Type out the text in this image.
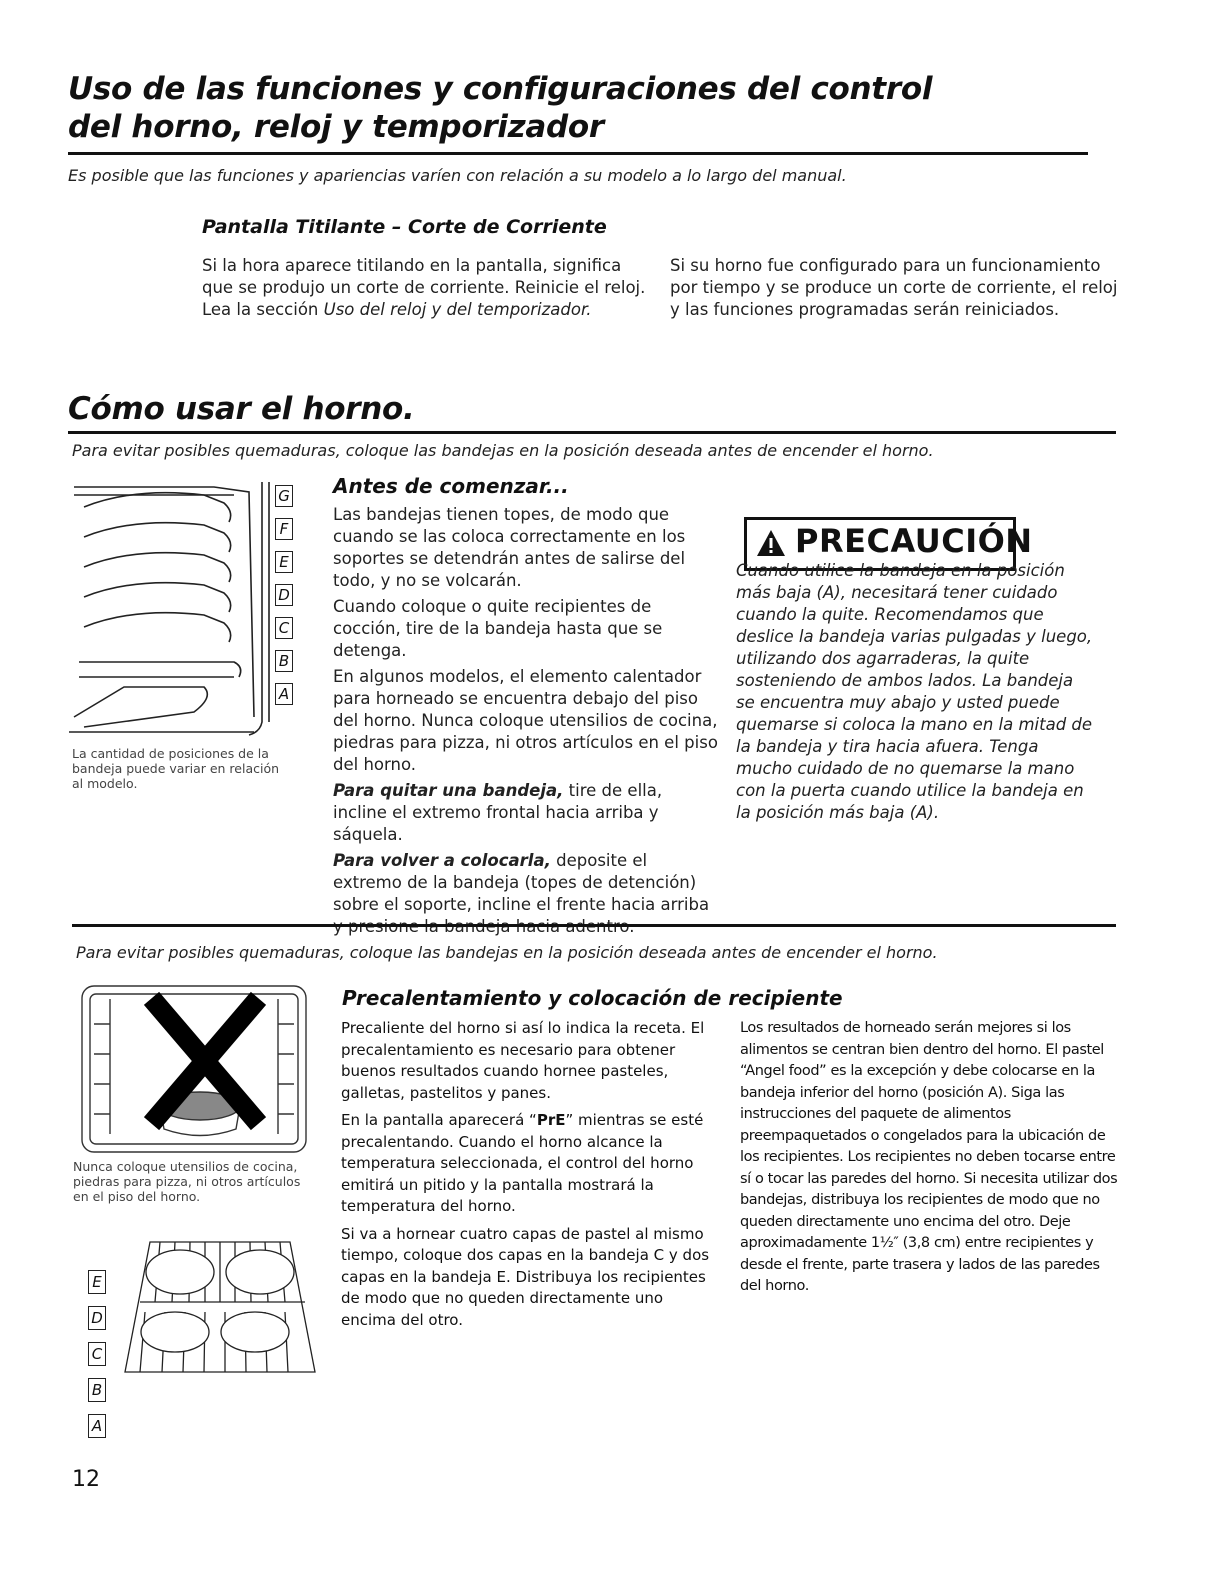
Uso de las funciones y configuraciones del control
del horno, reloj y temporizador
Es posible que las funciones y apariencias varíen con relación a su modelo a lo largo del manual.
Pantalla Titilante – Corte de Corriente
Si la hora aparece titilando en la pantalla, significa que se produjo un corte de corriente. Reinicie el reloj. Lea la sección Uso del reloj y del temporizador.
Si su horno fue configurado para un funcionamiento por tiempo y se produce un corte de corriente, el reloj y las funciones programadas serán reiniciados.
Cómo usar el horno.
Para evitar posibles quemaduras, coloque las bandejas en la posición deseada antes de encender el horno.
G
F
E
D
C
B
A
La cantidad de posiciones de la bandeja puede variar en relación al modelo.
Antes de comenzar...

Las bandejas tienen topes, de modo que cuando se las coloca correctamente en los soportes se detendrán antes de salirse del todo, y no se volcarán.

Cuando coloque o quite recipientes de cocción, tire de la bandeja hasta que se detenga.

En algunos modelos, el elemento calentador para horneado se encuentra debajo del piso del horno. Nunca coloque utensilios de cocina, piedras para pizza, ni otros artículos en el piso del horno.

Para quitar una bandeja, tire de ella, incline el extremo frontal hacia arriba y sáquela.

Para volver a colocarla, deposite el extremo de la bandeja (topes de detención) sobre el soporte, incline el frente hacia arriba

PRECAUCIÓN
Cuando utilice la bandeja en la posición más baja (A), necesitará tener cuidado cuando la quite. Recomendamos que deslice la bandeja varias pulgadas y luego, utilizando dos agarraderas, la quite sosteniendo de ambos lados. La bandeja se encuentra muy abajo y usted puede quemarse si coloca la mano en la mitad de la bandeja y tira hacia afuera. Tenga mucho cuidado de no quemarse la mano con la puerta cuando utilice la bandeja en la posición más baja (A).
Para evitar posibles quemaduras, coloque las bandejas en la posición deseada antes de encender el horno.
Nunca coloque utensilios de cocina, piedras para pizza, ni otros artículos en el piso del horno.
E
D
C
B
A
Precalentamiento y colocación de recipiente

Precaliente del horno si así lo indica la receta. El precalentamiento es necesario para obtener buenos resultados cuando hornee pasteles, galletas, pastelitos y panes.

En la pantalla aparecerá “PrE” mientras se esté precalentando. Cuando el horno alcance la temperatura seleccionada, el control del horno emitirá un pitido y la pantalla mostrará la temperatura del horno.

Si va a hornear cuatro capas de pastel al mismo tiempo, coloque dos capas en la bandeja C y dos capas en la bandeja E. Distribuya los recipientes de modo que no queden directamente uno encima del otro.

Los resultados de horneado serán mejores si los alimentos se centran bien dentro del horno. El pastel “Angel food” es la excepción y debe colocarse en la bandeja inferior del horno (posición A). Siga las instrucciones del paquete de alimentos preempaquetados o congelados para la ubicación de los recipientes. Los recipientes no deben tocarse entre sí o tocar las paredes del horno. Si necesita utilizar dos bandejas, distribuya los recipientes de modo que no queden directamente uno encima del otro. Deje aproximadamente 1½″ (3,8 cm) entre recipientes y desde el frente, parte trasera y lados de las paredes del horno.
12
